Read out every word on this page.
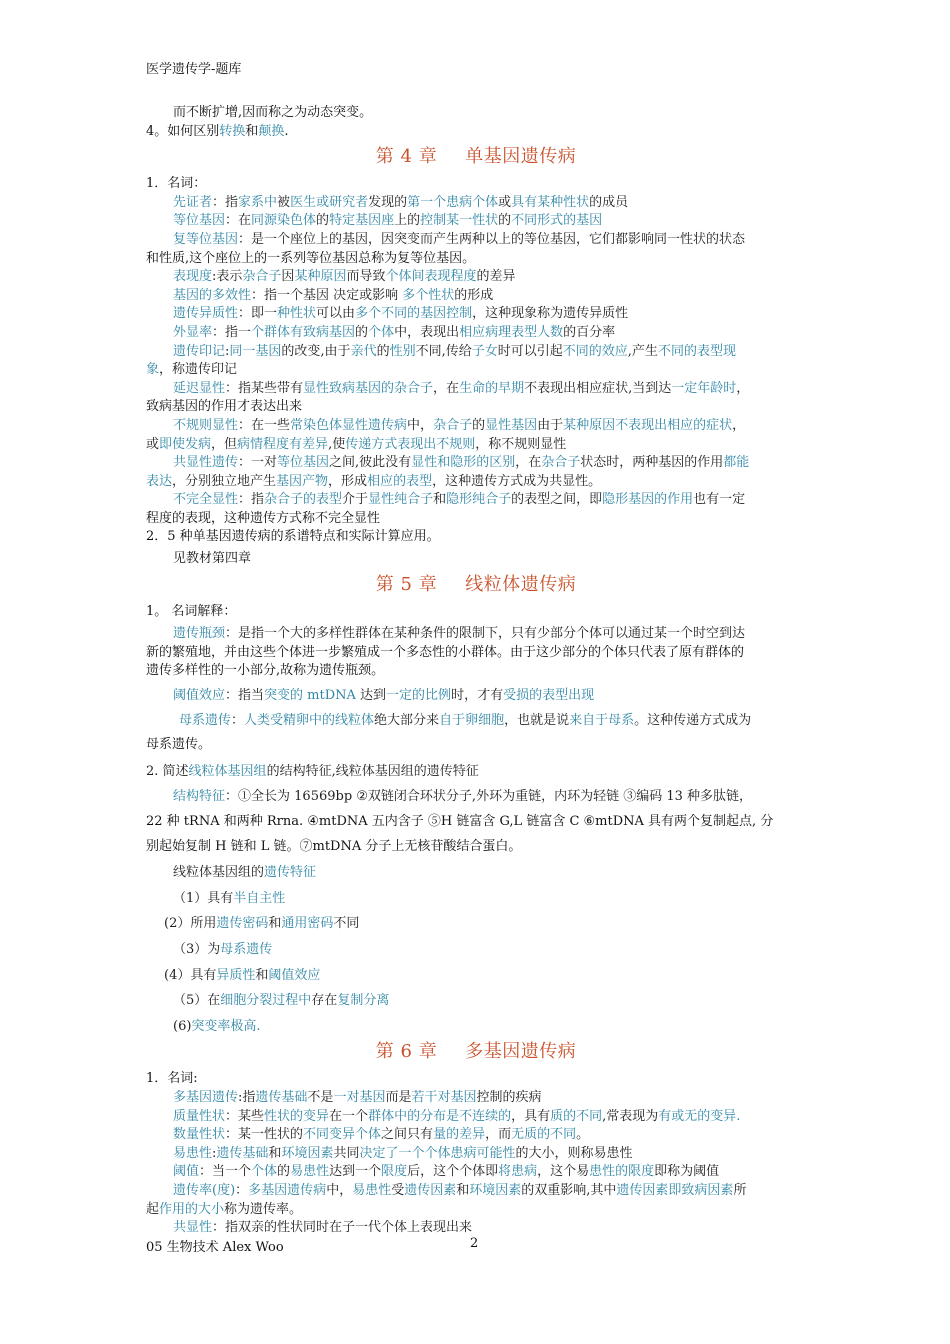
医学遗传学-题库

而不断扩增,因而称之为动态突变。

4。如何区别转换和颠换.

第 4 章 单基因遗传病

1．名词：

先证者：指家系中被医生或研究者发现的第一个患病个体或具有某种性状的成员

等位基因：在同源染色体的特定基因座上的控制某一性状的不同形式的基因

复等位基因：是一个座位上的基因，因突变而产生两种以上的等位基因，它们都影响同一性状的状态

和性质,这个座位上的一系列等位基因总称为复等位基因。

表现度:表示杂合子因某种原因而导致个体间表现程度的差异

基因的多效性：指一个基因 决定或影响 多个性状的形成

遗传异质性：即一种性状可以由多个不同的基因控制，这种现象称为遗传异质性

外显率：指一个群体有致病基因的个体中，表现出相应病理表型人数的百分率

遗传印记:同一基因的改变,由于亲代的性别不同,传给子女时可以引起不同的效应,产生不同的表型现

象，称遗传印记

延迟显性：指某些带有显性致病基因的杂合子，在生命的早期不表现出相应症状,当到达一定年龄时，

致病基因的作用才表达出来

不规则显性：在一些常染色体显性遗传病中，杂合子的显性基因由于某种原因不表现出相应的症状，

或即使发病，但病情程度有差异,使传递方式表现出不规则，称不规则显性

共显性遗传：一对等位基因之间,彼此没有显性和隐形的区别，在杂合子状态时，两种基因的作用都能

表达，分别独立地产生基因产物，形成相应的表型，这种遗传方式成为共显性。

不完全显性：指杂合子的表型介于显性纯合子和隐形纯合子的表型之间，即隐形基因的作用也有一定

程度的表现，这种遗传方式称不完全显性

2．5 种单基因遗传病的系谱特点和实际计算应用。

见教材第四章

第 5 章 线粒体遗传病

1。 名词解释：

遗传瓶颈：是指一个大的多样性群体在某种条件的限制下，只有少部分个体可以通过某一个时空到达

新的繁殖地，并由这些个体进一步繁殖成一个多态性的小群体。由于这少部分的个体只代表了原有群体的

遗传多样性的一小部分,故称为遗传瓶颈。

阈值效应：指当突变的 mtDNA 达到一定的比例时，才有受损的表型出现

母系遗传：人类受精卵中的线粒体绝大部分来自于卵细胞，也就是说来自于母系。这种传递方式成为

母系遗传。

2. 简述线粒体基因组的结构特征,线粒体基因组的遗传特征

结构特征：①全长为 16569bp ②双链闭合环状分子,外环为重链，内环为轻链 ③编码 13 种多肽链，

22 种 tRNA 和两种 Rrna. ④mtDNA 五内含子 ⑤H 链富含 G,L 链富含 C ⑥mtDNA 具有两个复制起点, 分

别起始复制 H 链和 L 链。⑦mtDNA 分子上无核苷酸结合蛋白。

线粒体基因组的遗传特征

（1）具有半自主性

(2）所用遗传密码和通用密码不同

（3）为母系遗传

(4）具有异质性和阈值效应

（5）在细胞分裂过程中存在复制分离

(6)突变率极高.

第 6 章 多基因遗传病

1．名词:

多基因遗传:指遗传基础不是一对基因而是若干对基因控制的疾病

质量性状：某些性状的变异在一个群体中的分布是不连续的，具有质的不同,常表现为有或无的变异.

数量性状：某一性状的不同变异个体之间只有量的差异，而无质的不同。

易患性:遗传基础和环境因素共同决定了一个个体患病可能性的大小，则称易患性

阈值：当一个个体的易患性达到一个限度后，这个个体即将患病，这个易患性的限度即称为阈值

遗传率(度)：多基因遗传病中，易患性受遗传因素和环境因素的双重影响,其中遗传因素即致病因素所

起作用的大小称为遗传率。

共显性：指双亲的性状同时在子一代个体上表现出来

05 生物技术 Alex Woo	2
